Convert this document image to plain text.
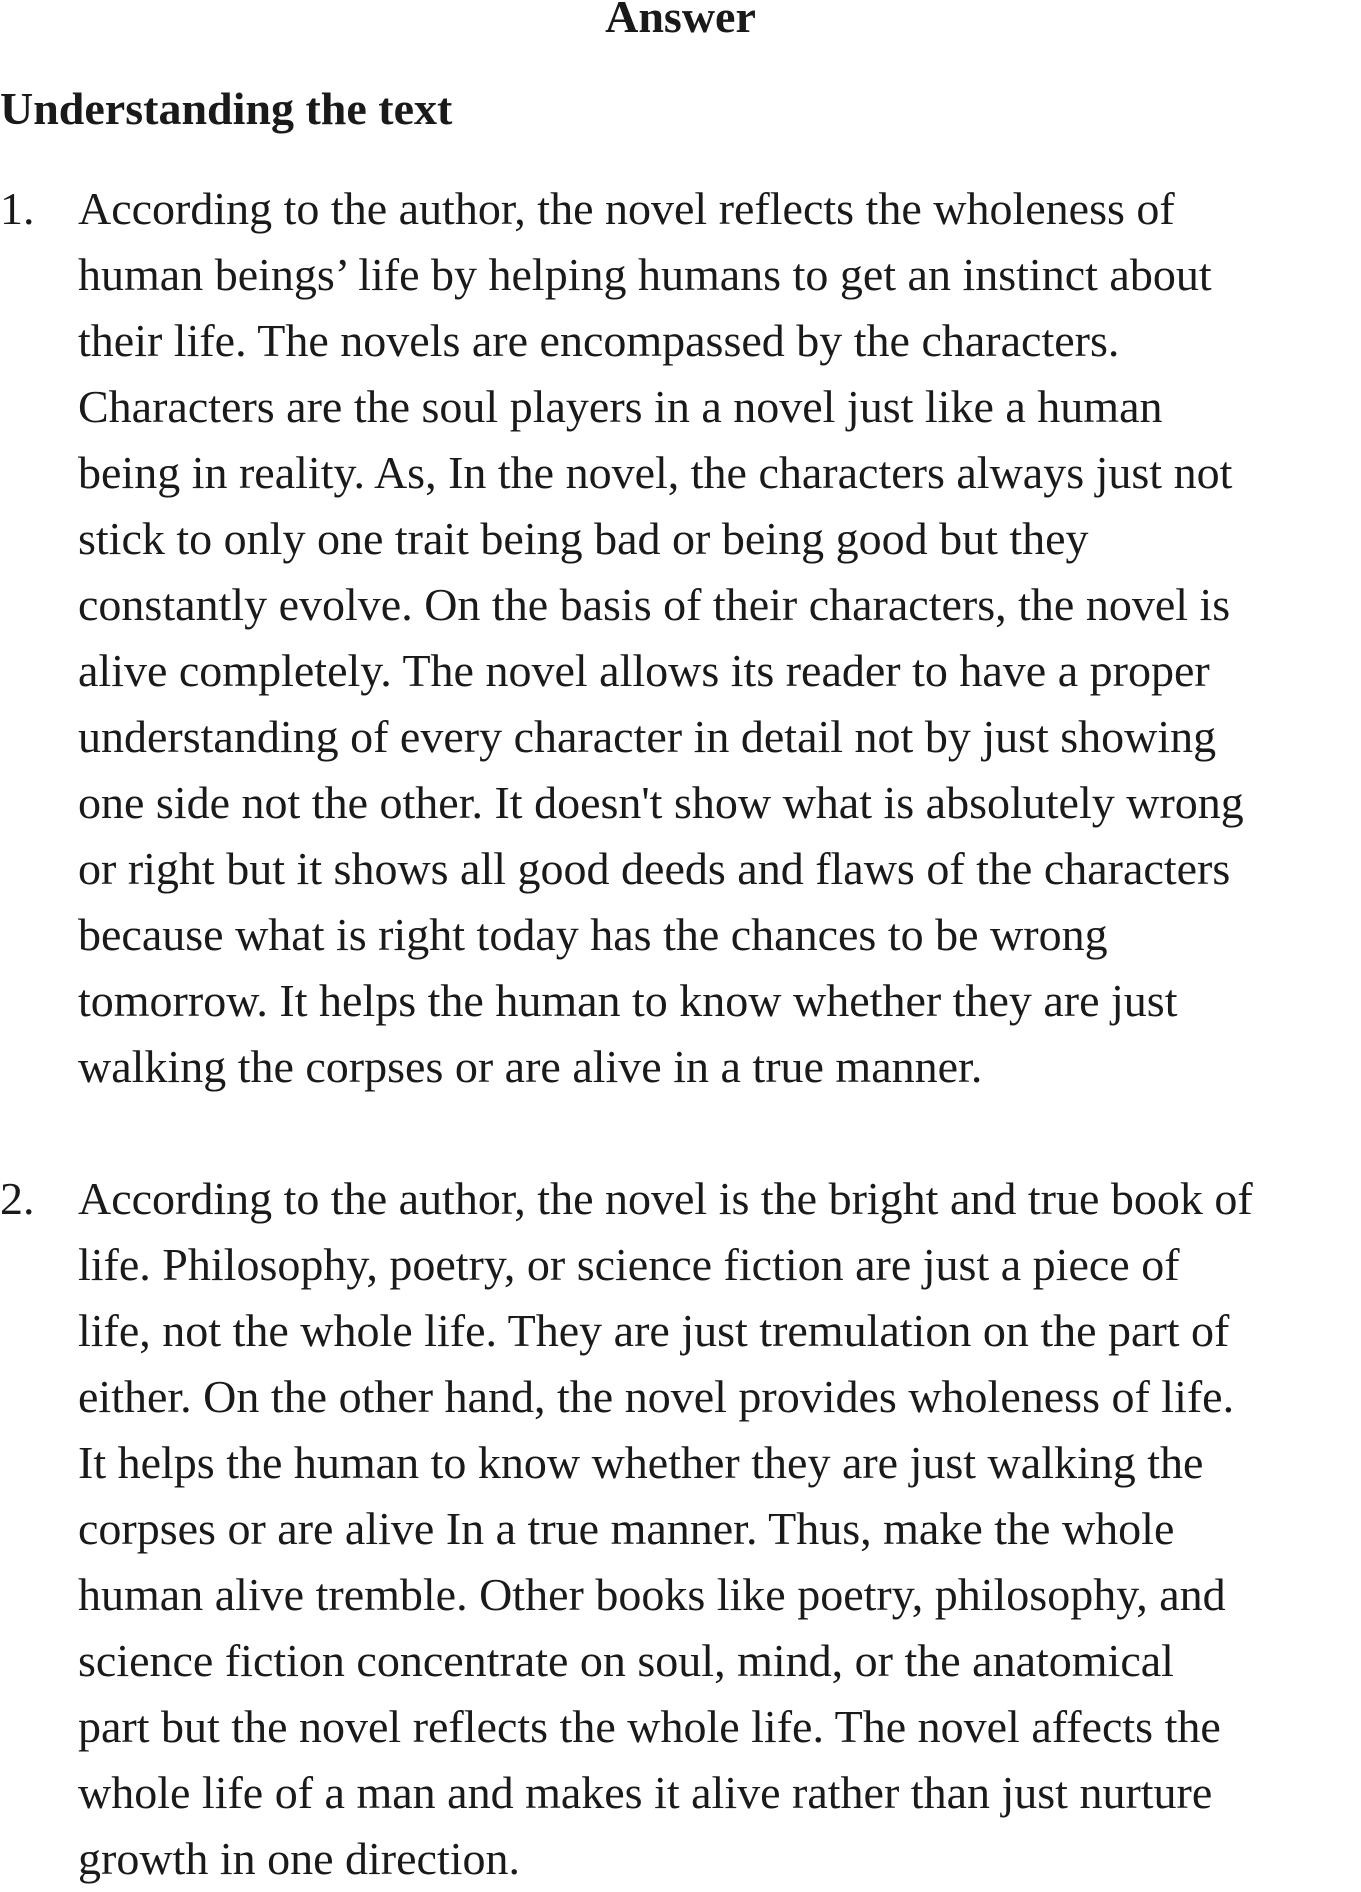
Answer
Understanding the text
1. According to the author, the novel reflects the wholeness of
human beings’ life by helping humans to get an instinct about
their life. The novels are encompassed by the characters.
Characters are the soul players in a novel just like a human
being in reality. As, In the novel, the characters always just not
stick to only one trait being bad or being good but they
constantly evolve. On the basis of their characters, the novel is
alive completely. The novel allows its reader to have a proper
understanding of every character in detail not by just showing
one side not the other. It doesn't show what is absolutely wrong
or right but it shows all good deeds and flaws of the characters
because what is right today has the chances to be wrong
tomorrow. It helps the human to know whether they are just
walking the corpses or are alive in a true manner.
2. According to the author, the novel is the bright and true book of
life. Philosophy, poetry, or science fiction are just a piece of
life, not the whole life. They are just tremulation on the part of
either. On the other hand, the novel provides wholeness of life.
It helps the human to know whether they are just walking the
corpses or are alive In a true manner. Thus, make the whole
human alive tremble. Other books like poetry, philosophy, and
science fiction concentrate on soul, mind, or the anatomical
part but the novel reflects the whole life. The novel affects the
whole life of a man and makes it alive rather than just nurture
growth in one direction.
